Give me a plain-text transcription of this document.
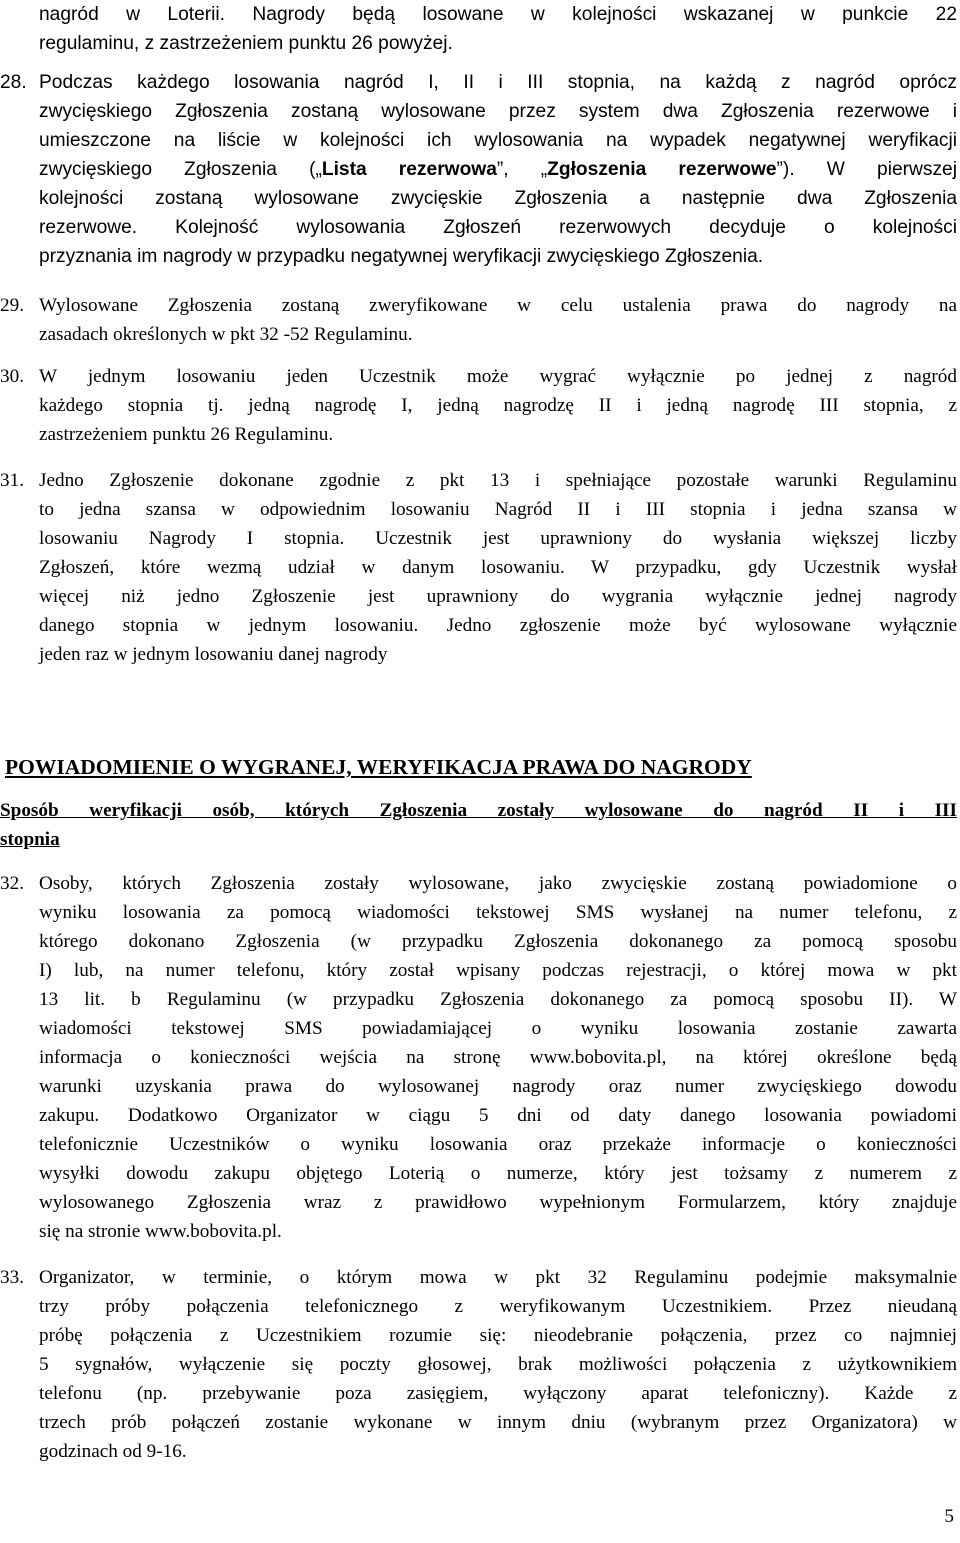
nagród w Loterii. Nagrody będą losowane w kolejności wskazanej w punkcie 22
regulaminu, z zastrzeżeniem punktu 26 powyżej.
28. Podczas każdego losowania nagród I, II i III stopnia, na każdą z nagród oprócz
zwycięskiego Zgłoszenia zostaną wylosowane przez system dwa Zgłoszenia rezerwowe i
umieszczone na liście w kolejności ich wylosowania na wypadek negatywnej weryfikacji
zwycięskiego Zgłoszenia („Lista rezerwowa”, „Zgłoszenia rezerwowe”). W pierwszej
kolejności zostaną wylosowane zwycięskie Zgłoszenia a następnie dwa Zgłoszenia
rezerwowe. Kolejność wylosowania Zgłoszeń rezerwowych decyduje o kolejności
przyznania im nagrody w przypadku negatywnej weryfikacji zwycięskiego Zgłoszenia.
29. Wylosowane Zgłoszenia zostaną zweryfikowane w celu ustalenia prawa do nagrody na
zasadach określonych w pkt 32 -52 Regulaminu.
30. W jednym losowaniu jeden Uczestnik może wygrać wyłącznie po jednej z nagród
każdego stopnia tj. jedną nagrodę I, jedną nagrodzę II i jedną nagrodę III stopnia, z
zastrzeżeniem punktu 26 Regulaminu.
31. Jedno Zgłoszenie dokonane zgodnie z pkt 13 i spełniające pozostałe warunki Regulaminu
to jedna szansa w odpowiednim losowaniu Nagród II i III stopnia i jedna szansa w
losowaniu Nagrody I stopnia. Uczestnik jest uprawniony do wysłania większej liczby
Zgłoszeń, które wezmą udział w danym losowaniu. W przypadku, gdy Uczestnik wysłał
więcej niż jedno Zgłoszenie jest uprawniony do wygrania wyłącznie jednej nagrody
danego stopnia w jednym losowaniu. Jedno zgłoszenie może być wylosowane wyłącznie
jeden raz w jednym losowaniu danej nagrody
POWIADOMIENIE O WYGRANEJ, WERYFIKACJA PRAWA DO NAGRODY
Sposób weryfikacji osób, których Zgłoszenia zostały wylosowane do nagród II i III
stopnia
32. Osoby, których Zgłoszenia zostały wylosowane, jako zwycięskie zostaną powiadomione o
wyniku losowania za pomocą wiadomości tekstowej SMS wysłanej na numer telefonu, z
którego dokonano Zgłoszenia (w przypadku Zgłoszenia dokonanego za pomocą sposobu
I) lub, na numer telefonu, który został wpisany podczas rejestracji, o której mowa w pkt
13 lit. b Regulaminu (w przypadku Zgłoszenia dokonanego za pomocą sposobu II). W
wiadomości tekstowej SMS powiadamiającej o wyniku losowania zostanie zawarta
informacja o konieczności wejścia na stronę www.bobovita.pl, na której określone będą
warunki uzyskania prawa do wylosowanej nagrody oraz numer zwycięskiego dowodu
zakupu. Dodatkowo Organizator w ciągu 5 dni od daty danego losowania powiadomi
telefonicznie Uczestników o wyniku losowania oraz przekaże informacje o konieczności
wysyłki dowodu zakupu objętego Loterią o numerze, który jest tożsamy z numerem z
wylosowanego Zgłoszenia wraz z prawidłowo wypełnionym Formularzem, który znajduje
się na stronie www.bobovita.pl.
33. Organizator, w terminie, o którym mowa w pkt 32 Regulaminu podejmie maksymalnie
trzy próby połączenia telefonicznego z weryfikowanym Uczestnikiem. Przez nieudaną
próbę połączenia z Uczestnikiem rozumie się: nieodebranie połączenia, przez co najmniej
5 sygnałów, wyłączenie się poczty głosowej, brak możliwości połączenia z użytkownikiem
telefonu (np. przebywanie poza zasięgiem, wyłączony aparat telefoniczny). Każde z
trzech prób połączeń zostanie wykonane w innym dniu (wybranym przez Organizatora) w
godzinach od 9-16.
5
